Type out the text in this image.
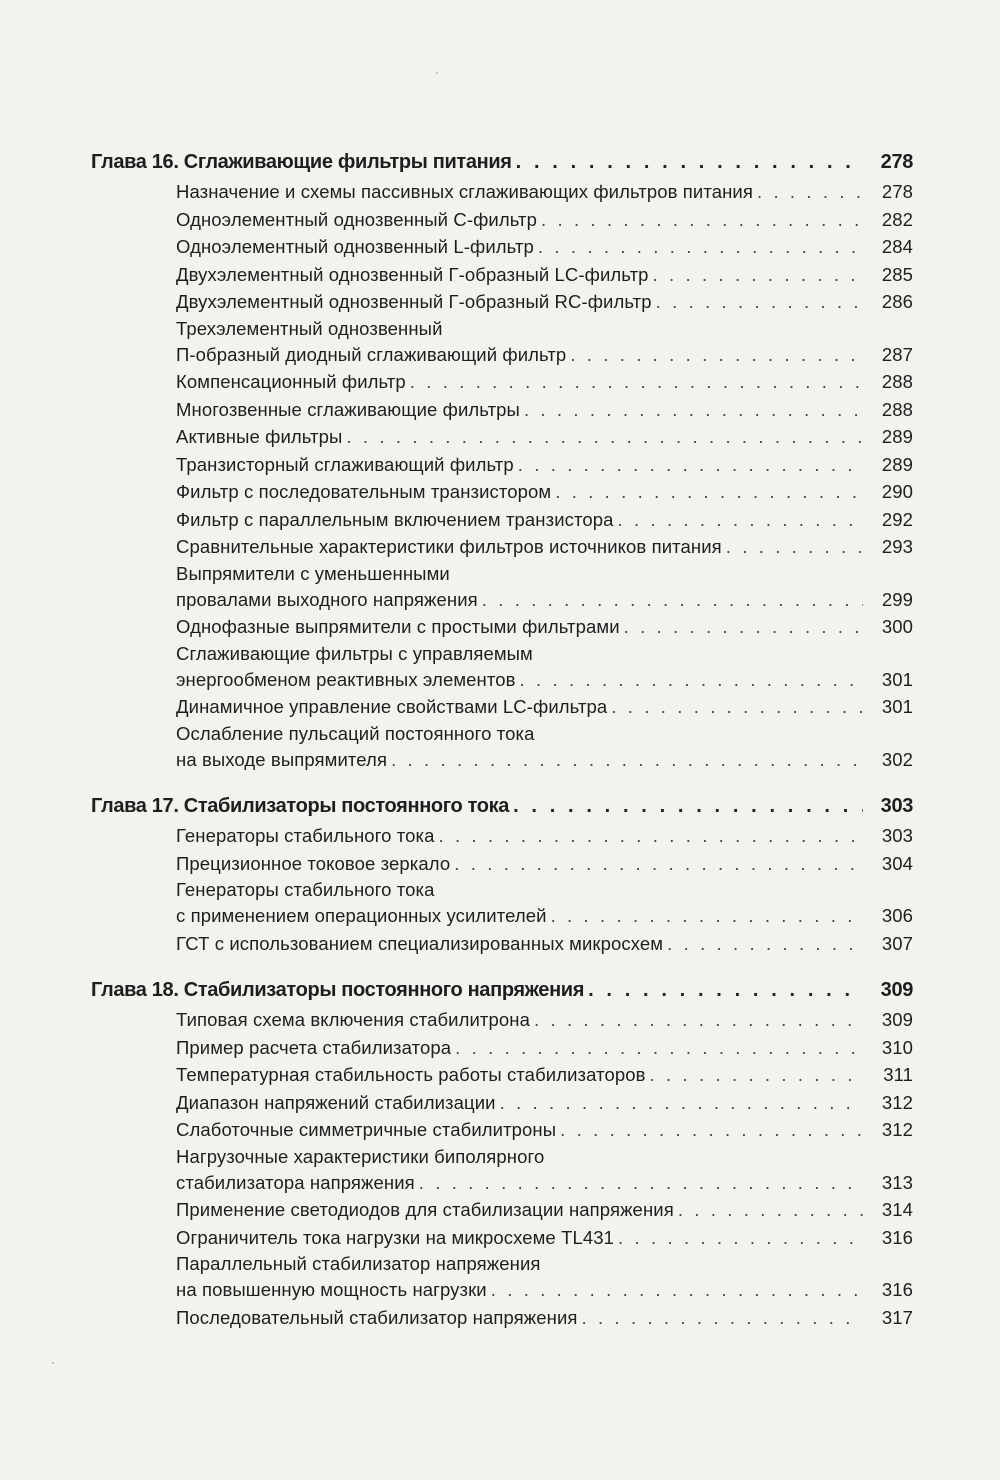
Глава 16. Сглаживающие фильтры питания . . .	278
Назначение и схемы пассивных сглаживающих фильтров питания . . .	278
Одноэлементный однозвенный С-фильтр . . .	282
Одноэлементный однозвенный L-фильтр . . .	284
Двухэлементный однозвенный Г-образный LC-фильтр . . .	285
Двухэлементный однозвенный Г-образный RC-фильтр . . .	286
Трехэлементный однозвенный
П-образный диодный сглаживающий фильтр . . .	287
Компенсационный фильтр . . .	288
Многозвенные сглаживающие фильтры . . .	288
Активные фильтры . . .	289
Транзисторный сглаживающий фильтр . . .	289
Фильтр с последовательным транзистором . . .	290
Фильтр с параллельным включением транзистора . . .	292
Сравнительные характеристики фильтров источников питания . . .	293
Выпрямители с уменьшенными
провалами выходного напряжения . . .	299
Однофазные выпрямители с простыми фильтрами . . .	300
Сглаживающие фильтры с управляемым
энергообменом реактивных элементов . . .	301
Динамичное управление свойствами LC-фильтра . . .	301
Ослабление пульсаций постоянного тока
на выходе выпрямителя . . .	302
Глава 17. Стабилизаторы постоянного тока . . .	303
Генераторы стабильного тока . . .	303
Прецизионное токовое зеркало . . .	304
Генераторы стабильного тока
с применением операционных усилителей . . .	306
ГСТ с использованием специализированных микросхем . . .	307
Глава 18. Стабилизаторы постоянного напряжения . . .	309
Типовая схема включения стабилитрона . . .	309
Пример расчета стабилизатора . . .	310
Температурная стабильность работы стабилизаторов . . .	311
Диапазон напряжений стабилизации . . .	312
Слаботочные симметричные стабилитроны . . .	312
Нагрузочные характеристики биполярного
стабилизатора напряжения . . .	313
Применение светодиодов для стабилизации напряжения . . .	314
Ограничитель тока нагрузки на микросхеме TL431 . . .	316
Параллельный стабилизатор напряжения
на повышенную мощность нагрузки . . .	316
Последовательный стабилизатор напряжения . . .	317
